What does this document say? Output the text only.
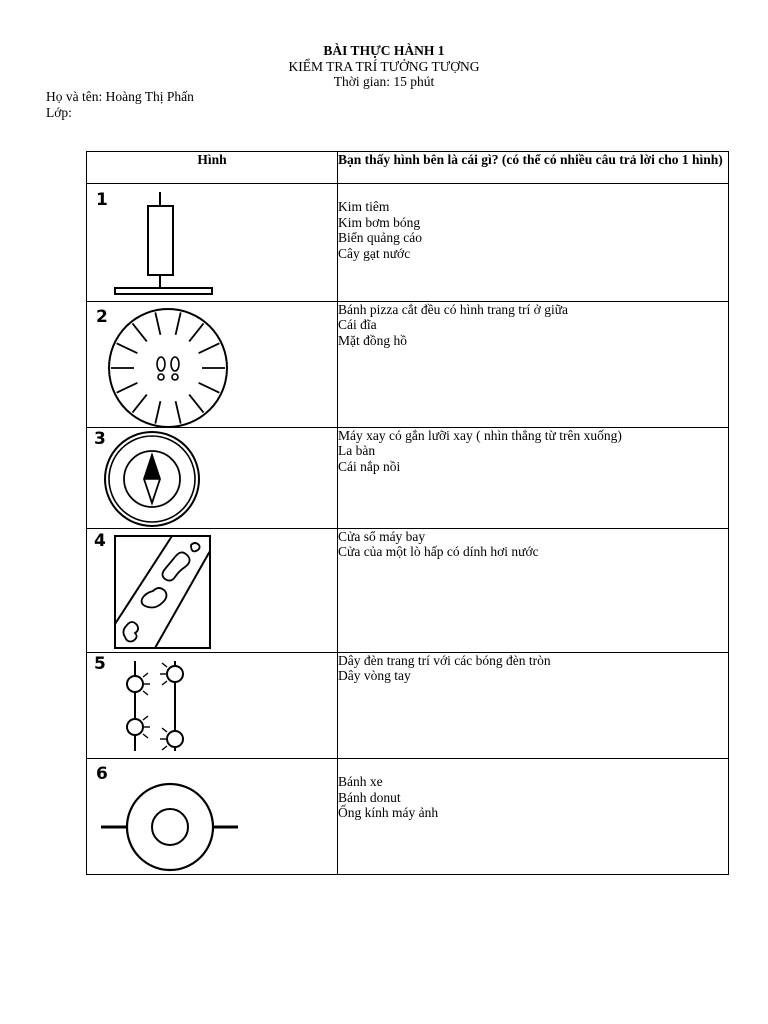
BÀI THỰC HÀNH 1
KIỂM TRA TRÍ TƯỞNG TƯỢNG
Thời gian: 15 phút
Họ và tên: Hoàng Thị Phấn
Lớp:
Hình	Bạn thấy hình bên là cái gì? (có thể có nhiều câu trả lời cho 1 hình)

1	Kim tiêm
Kim bơm bóng
Biển quảng cáo
Cây gạt nước

2	Bánh pizza cắt đều có hình trang trí ở giữa
Cái đĩa
Mặt đồng hồ

3	Máy xay có gắn lưỡi xay ( nhìn thẳng từ trên xuống)
La bàn
Cái nắp nồi

4	Cửa sổ máy bay
Cửa của một lò hấp có dính hơi nước

5	Dây đèn trang trí với các bóng đèn tròn
Dây vòng tay

6	Bánh xe
Bánh donut
Ống kính máy ảnh
